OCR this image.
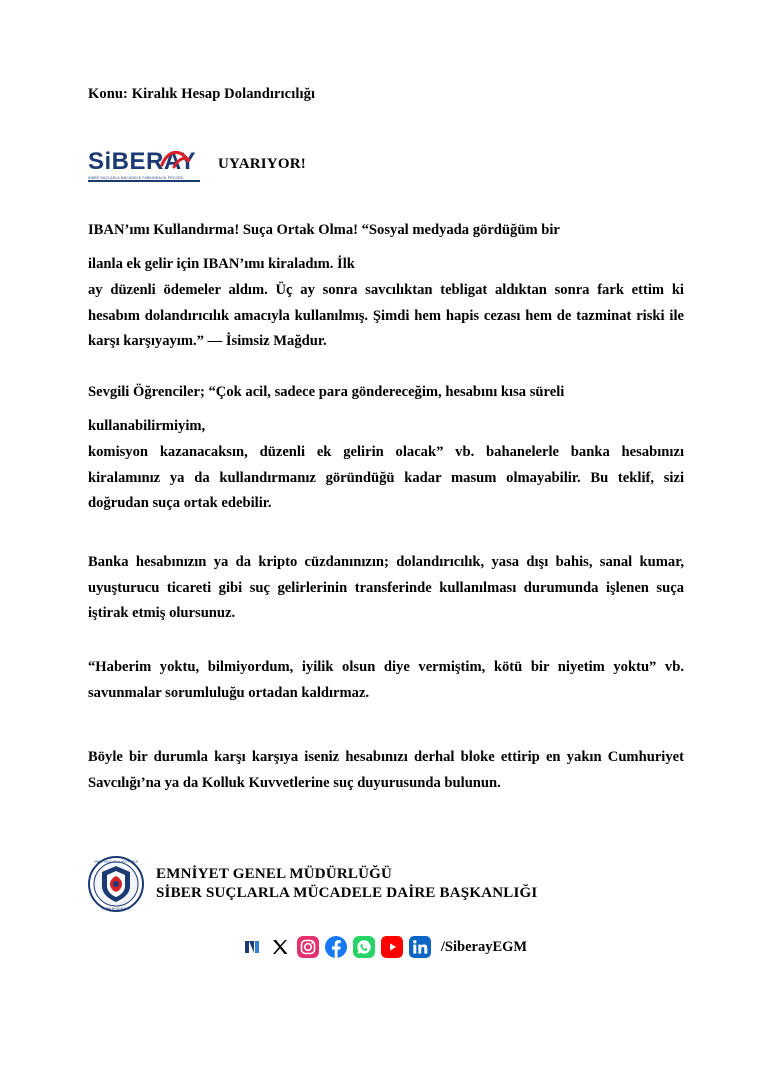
Konu: Kiralık Hesap Dolandırıcılığı
SiBERAY
SİBER SUÇLARLA MÜCADELE FARKINDALIK PROJESİ
UYARIYOR!
IBAN’ımı Kullandırma! Suça Ortak Olma! “Sosyal medyada gördüğüm bir
ilanla ek gelir için IBAN’ımı kiraladım. İlk
ay düzenli ödemeler aldım. Üç ay sonra savcılıktan tebligat aldıktan sonra fark ettim ki hesabım dolandırıcılık amacıyla kullanılmış. Şimdi hem hapis cezası hem de tazminat riski ile karşı karşıyayım.” — İsimsiz Mağdur.
Sevgili Öğrenciler; “Çok acil, sadece para göndereceğim, hesabını kısa süreli
kullanabilirmiyim,
komisyon kazanacaksın, düzenli ek gelirin olacak” vb. bahanelerle banka hesabınızı kiralamınız ya da kullandırmanız göründüğü kadar masum olmayabilir. Bu teklif, sizi doğrudan suça ortak edebilir.
Banka hesabınızın ya da kripto cüzdanınızın; dolandırıcılık, yasa dışı bahis, sanal kumar, uyuşturucu ticareti gibi suç gelirlerinin transferinde kullanılması durumunda işlenen suça iştirak etmiş olursunuz.
“Haberim yoktu, bilmiyordum, iyilik olsun diye vermiştim, kötü bir niyetim yoktu” vb. savunmalar sorumluluğu ortadan kaldırmaz.
Böyle bir durumla karşı karşıya iseniz hesabınızı derhal bloke ettirip en yakın Cumhuriyet Savcılığı’na ya da Kolluk Kuvvetlerine suç duyurusunda bulunun.
SİBER SUÇLARLA MÜCADELE
DAİRE BAŞKANLIĞI
EMNİYET GENEL MÜDÜRLÜĞÜ
SİBER SUÇLARLA MÜCADELE DAİRE BAŞKANLIĞI
/SiberayEGM
